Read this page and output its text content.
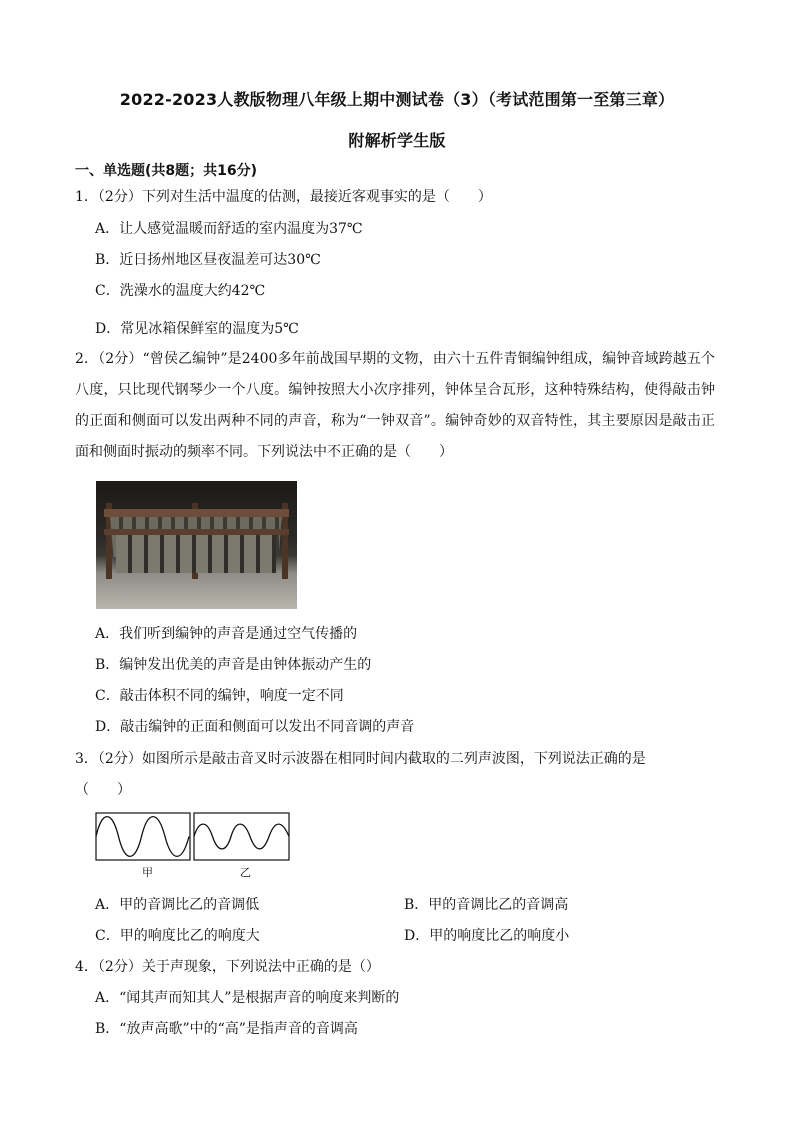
2022-2023人教版物理八年级上期中测试卷（3）（考试范围第一至第三章）
附解析学生版
一、单选题(共8题；共16分)
1．（2分）下列对生活中温度的估测，最接近客观事实的是（　　）
A．让人感觉温暖而舒适的室内温度为37℃
B．近日扬州地区昼夜温差可达30℃
C．洗澡水的温度大约42℃
D．常见冰箱保鲜室的温度为5℃
2．（2分）“曾侯乙编钟”是2400多年前战国早期的文物，由六十五件青铜编钟组成，编钟音域跨越五个八度，只比现代钢琴少一个八度。编钟按照大小次序排列，钟体呈合瓦形，这种特殊结构，使得敲击钟的正面和侧面可以发出两种不同的声音，称为“一钟双音”。编钟奇妙的双音特性，其主要原因是敲击正面和侧面时振动的频率不同。下列说法中不正确的是（　　）
A．我们听到编钟的声音是通过空气传播的
B．编钟发出优美的声音是由钟体振动产生的
C．敲击体积不同的编钟，响度一定不同
D．敲击编钟的正面和侧面可以发出不同音调的声音
3．（2分）如图所示是敲击音叉时示波器在相同时间内截取的二列声波图，下列说法正确的是
（　　）
甲	乙
A．甲的音调比乙的音调低	B．甲的音调比乙的音调高
C．甲的响度比乙的响度大	D．甲的响度比乙的响度小
4．（2分）关于声现象，下列说法中正确的是（）
A．“闻其声而知其人”是根据声音的响度来判断的
B．“放声高歌”中的“高”是指声音的音调高
